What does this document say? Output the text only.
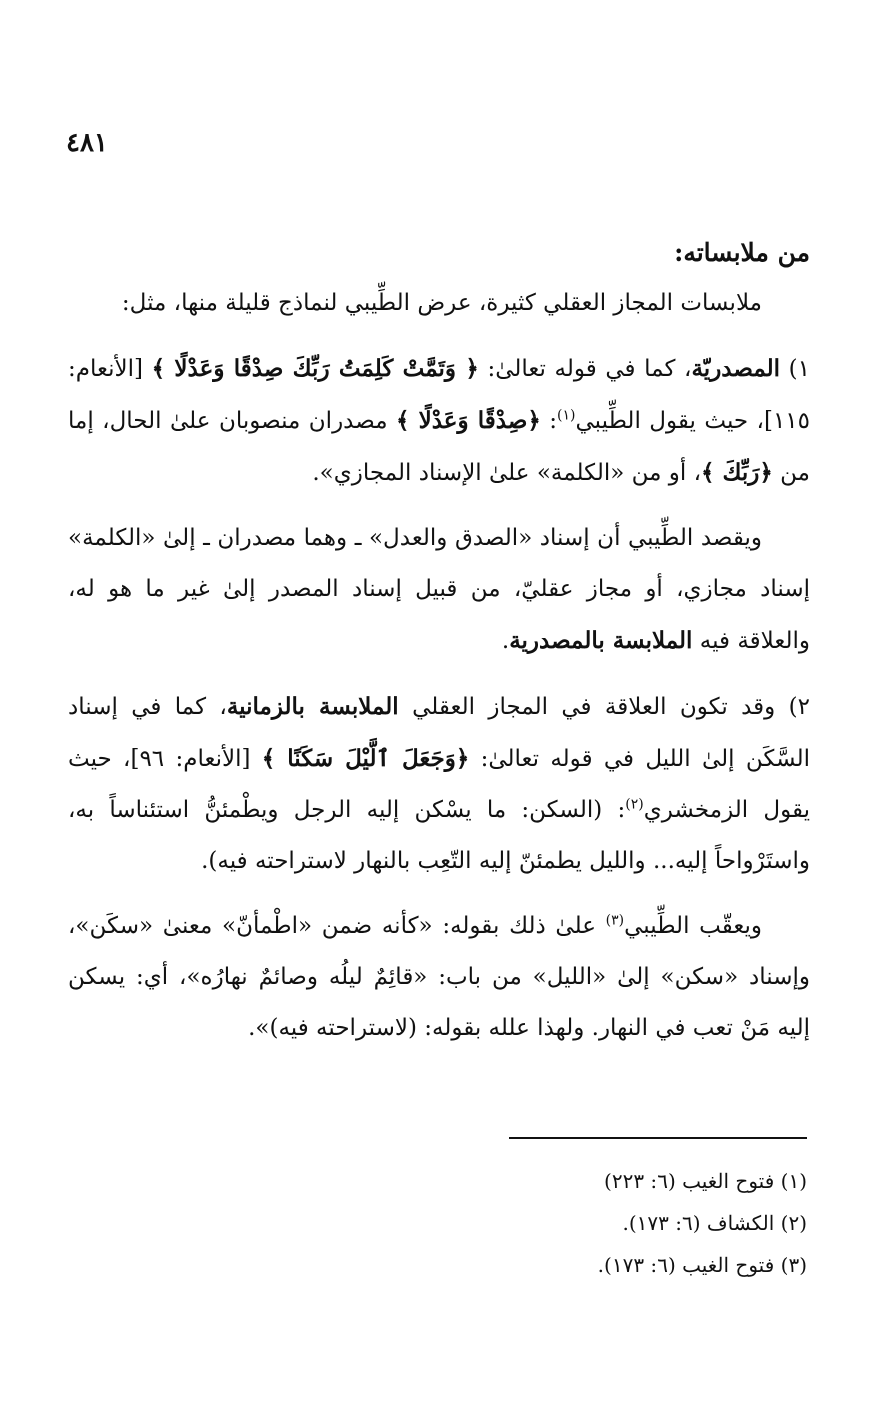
٤٨١
من ملابساته:

ملابسات المجاز العقلي كثيرة، عرض الطِّيبي لنماذج قليلة منها، مثل:

١) المصدريّة، كما في قوله تعالىٰ: ﴿ وَتَمَّتْ كَلِمَتُ رَبِّكَ صِدْقًا وَعَدْلًا ﴾ [الأنعام: ١١٥]، حيث يقول الطِّيبي$^{(١)}$: ﴿صِدْقًا وَعَدْلًا ﴾ مصدران منصوبان علىٰ الحال، إما من ﴿رَبِّكَ ﴾، أو من «الكلمة» علىٰ الإسناد المجازي».

ويقصد الطِّيبي أن إسناد «الصدق والعدل» ـ وهما مصدران ـ إلىٰ «الكلمة» إسناد مجازي، أو مجاز عقليّ، من قبيل إسناد المصدر إلىٰ غير ما هو له، والعلاقة فيه الملابسة بالمصدرية.

٢) وقد تكون العلاقة في المجاز العقلي الملابسة بالزمانية، كما في إسناد السَّكَن إلىٰ الليل في قوله تعالىٰ: ﴿وَجَعَلَ ٱلَّيْلَ سَكَنًا ﴾ [الأنعام: ٩٦]، حيث يقول الزمخشري$^{(٢)}$: (السكن: ما يسْكن إليه الرجل ويطْمئنُّ استئناساً به، واستَرْواحاً إليه... والليل يطمئنّ إليه التّعِب بالنهار لاستراحته فيه).

ويعقّب الطِّيبي$^{(٣)}$ علىٰ ذلك بقوله: «كأنه ضمن «اطْمأنّ» معنىٰ «سكَن»، وإسناد «سكن» إلىٰ «الليل» من باب: «قائِمٌ ليلُه وصائمٌ نهارُه»، أي: يسكن إليه مَنْ تعب في النهار. ولهذا علله بقوله: (لاستراحته فيه)».

(١) فتوح الغيب (٦: ٢٢٣)

(٢) الكشاف (٦: ١٧٣).

(٣) فتوح الغيب (٦: ١٧٣).
